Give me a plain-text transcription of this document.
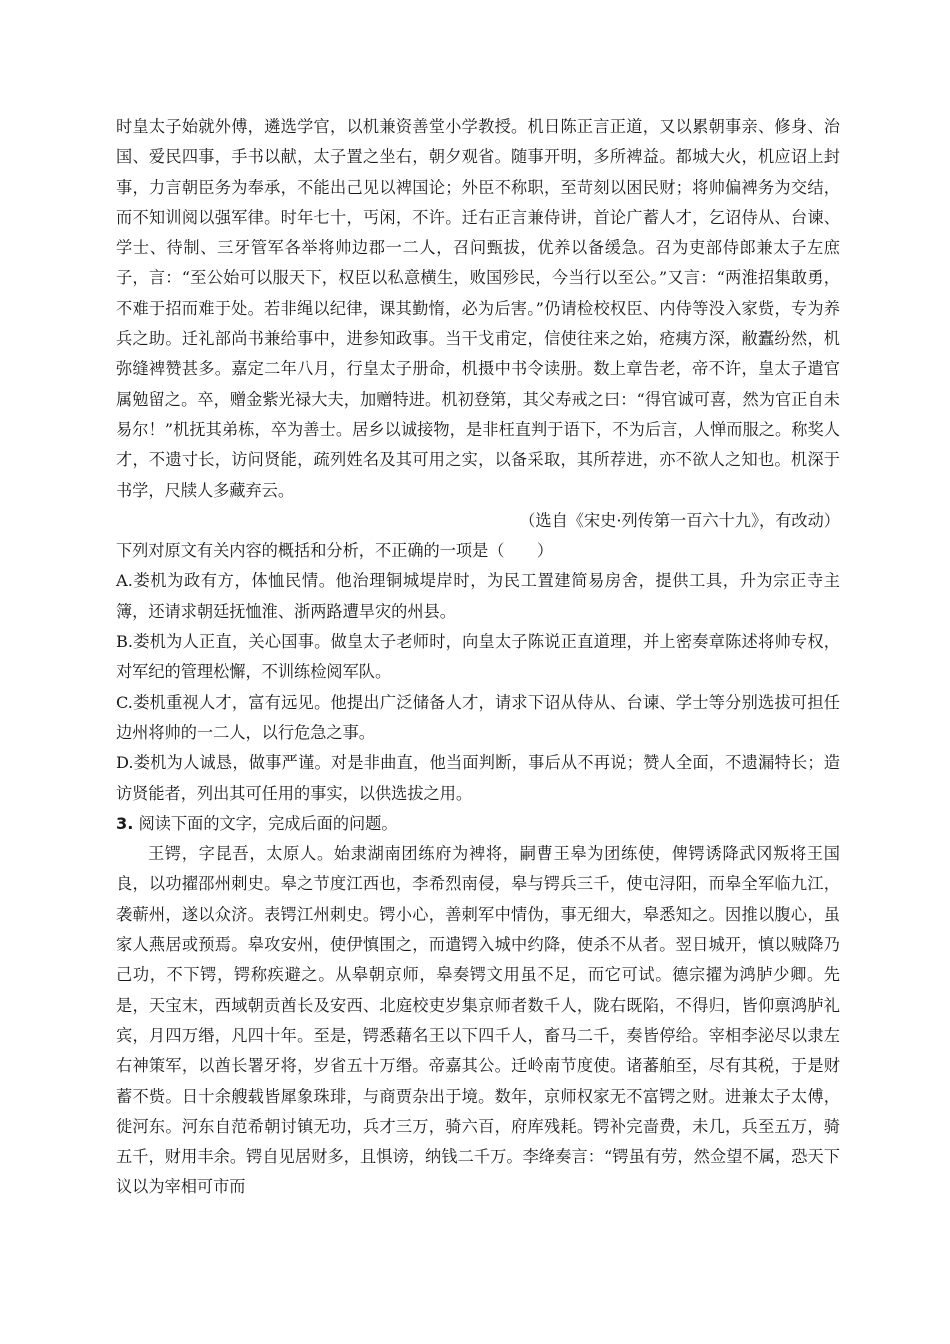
时皇太子始就外傅，遴选学官，以机兼资善堂小学教授。机日陈正言正道，又以累朝事亲、修身、治国、爱民四事，手书以献，太子置之坐右，朝夕观省。随事开明，多所裨益。都城大火，机应诏上封事，力言朝臣务为奉承，不能出己见以裨国论；外臣不称职，至苛刻以困民财；将帅偏裨务为交结，而不知训阅以强军律。时年七十，丐闲，不许。迁右正言兼侍讲，首论广蓄人才，乞诏侍从、台谏、学士、待制、三牙管军各举将帅边郡一二人，召问甄拔，优养以备缓急。召为吏部侍郎兼太子左庶子，言：“至公始可以服天下，权臣以私意横生，败国殄民，今当行以至公。”又言：“两淮招集敢勇，不难于招而难于处。若非绳以纪律，课其勤惰，必为后害。”仍请检校权臣、内侍等没入家赀，专为养兵之助。迁礼部尚书兼给事中，进参知政事。当干戈甫定，信使往来之始，疮痍方深，敝蠹纷然，机弥缝裨赞甚多。嘉定二年八月，行皇太子册命，机摄中书令读册。数上章告老，帝不许，皇太子遣官属勉留之。卒，赠金紫光禄大夫，加赠特进。机初登第，其父寿戒之曰：“得官诚可喜，然为官正自未易尔！”机抚其弟栋，卒为善士。居乡以诚接物，是非枉直判于语下，不为后言，人惮而服之。称奖人才，不遗寸长，访问贤能，疏列姓名及其可用之实，以备采取，其所荐进，亦不欲人之知也。机深于书学，尺牍人多藏弃云。

（选自《宋史·列传第一百六十九》，有改动）

下列对原文有关内容的概括和分析，不正确的一项是（　　）

A.娄机为政有方，体恤民情。他治理铜城堤岸时，为民工置建简易房舍，提供工具，升为宗正寺主簿，还请求朝廷抚恤淮、浙两路遭旱灾的州县。

B.娄机为人正直，关心国事。做皇太子老师时，向皇太子陈说正直道理，并上密奏章陈述将帅专权，对军纪的管理松懈，不训练检阅军队。

C.娄机重视人才，富有远见。他提出广泛储备人才，请求下诏从侍从、台谏、学士等分别选拔可担任边州将帅的一二人，以行危急之事。

D.娄机为人诚恳，做事严谨。对是非曲直，他当面判断，事后从不再说；赞人全面，不遗漏特长；造访贤能者，列出其可任用的事实，以供选拔之用。

3. 阅读下面的文字，完成后面的问题。

王锷，字昆吾，太原人。始隶湖南团练府为裨将，嗣曹王皋为团练使，俾锷诱降武冈叛将王国良，以功擢邵州刺史。皋之节度江西也，李希烈南侵，皋与锷兵三千，使屯浔阳，而皋全军临九江，袭蕲州，遂以众济。表锷江州刺史。锷小心，善刺军中情伪，事无细大，皋悉知之。因推以腹心，虽家人燕居或预焉。皋攻安州，使伊慎围之，而遣锷入城中约降，使杀不从者。翌日城开，慎以贼降乃己功，不下锷，锷称疾避之。从皋朝京师，皋奏锷文用虽不足，而它可试。德宗擢为鸿胪少卿。先是，天宝末，西域朝贡酋长及安西、北庭校吏岁集京师者数千人，陇右既陷，不得归，皆仰禀鸿胪礼宾，月四万缗，凡四十年。至是，锷悉藉名王以下四千人，畜马二千，奏皆停给。宰相李泌尽以隶左右神策军，以酋长署牙将，岁省五十万缗。帝嘉其公。迁岭南节度使。诸蕃舶至，尽有其税，于是财蓄不赀。日十余艘载皆犀象珠琲，与商贾杂出于境。数年，京师权家无不富锷之财。进兼太子太傅，徙河东。河东自范希朝讨镇无功，兵才三万，骑六百，府库残耗。锷补完啬费，未几，兵至五万，骑五千，财用丰余。锷自见居财多，且惧谤，纳钱二千万。李绛奏言：“锷虽有劳，然佥望不属，恐天下议以为宰相可市而
